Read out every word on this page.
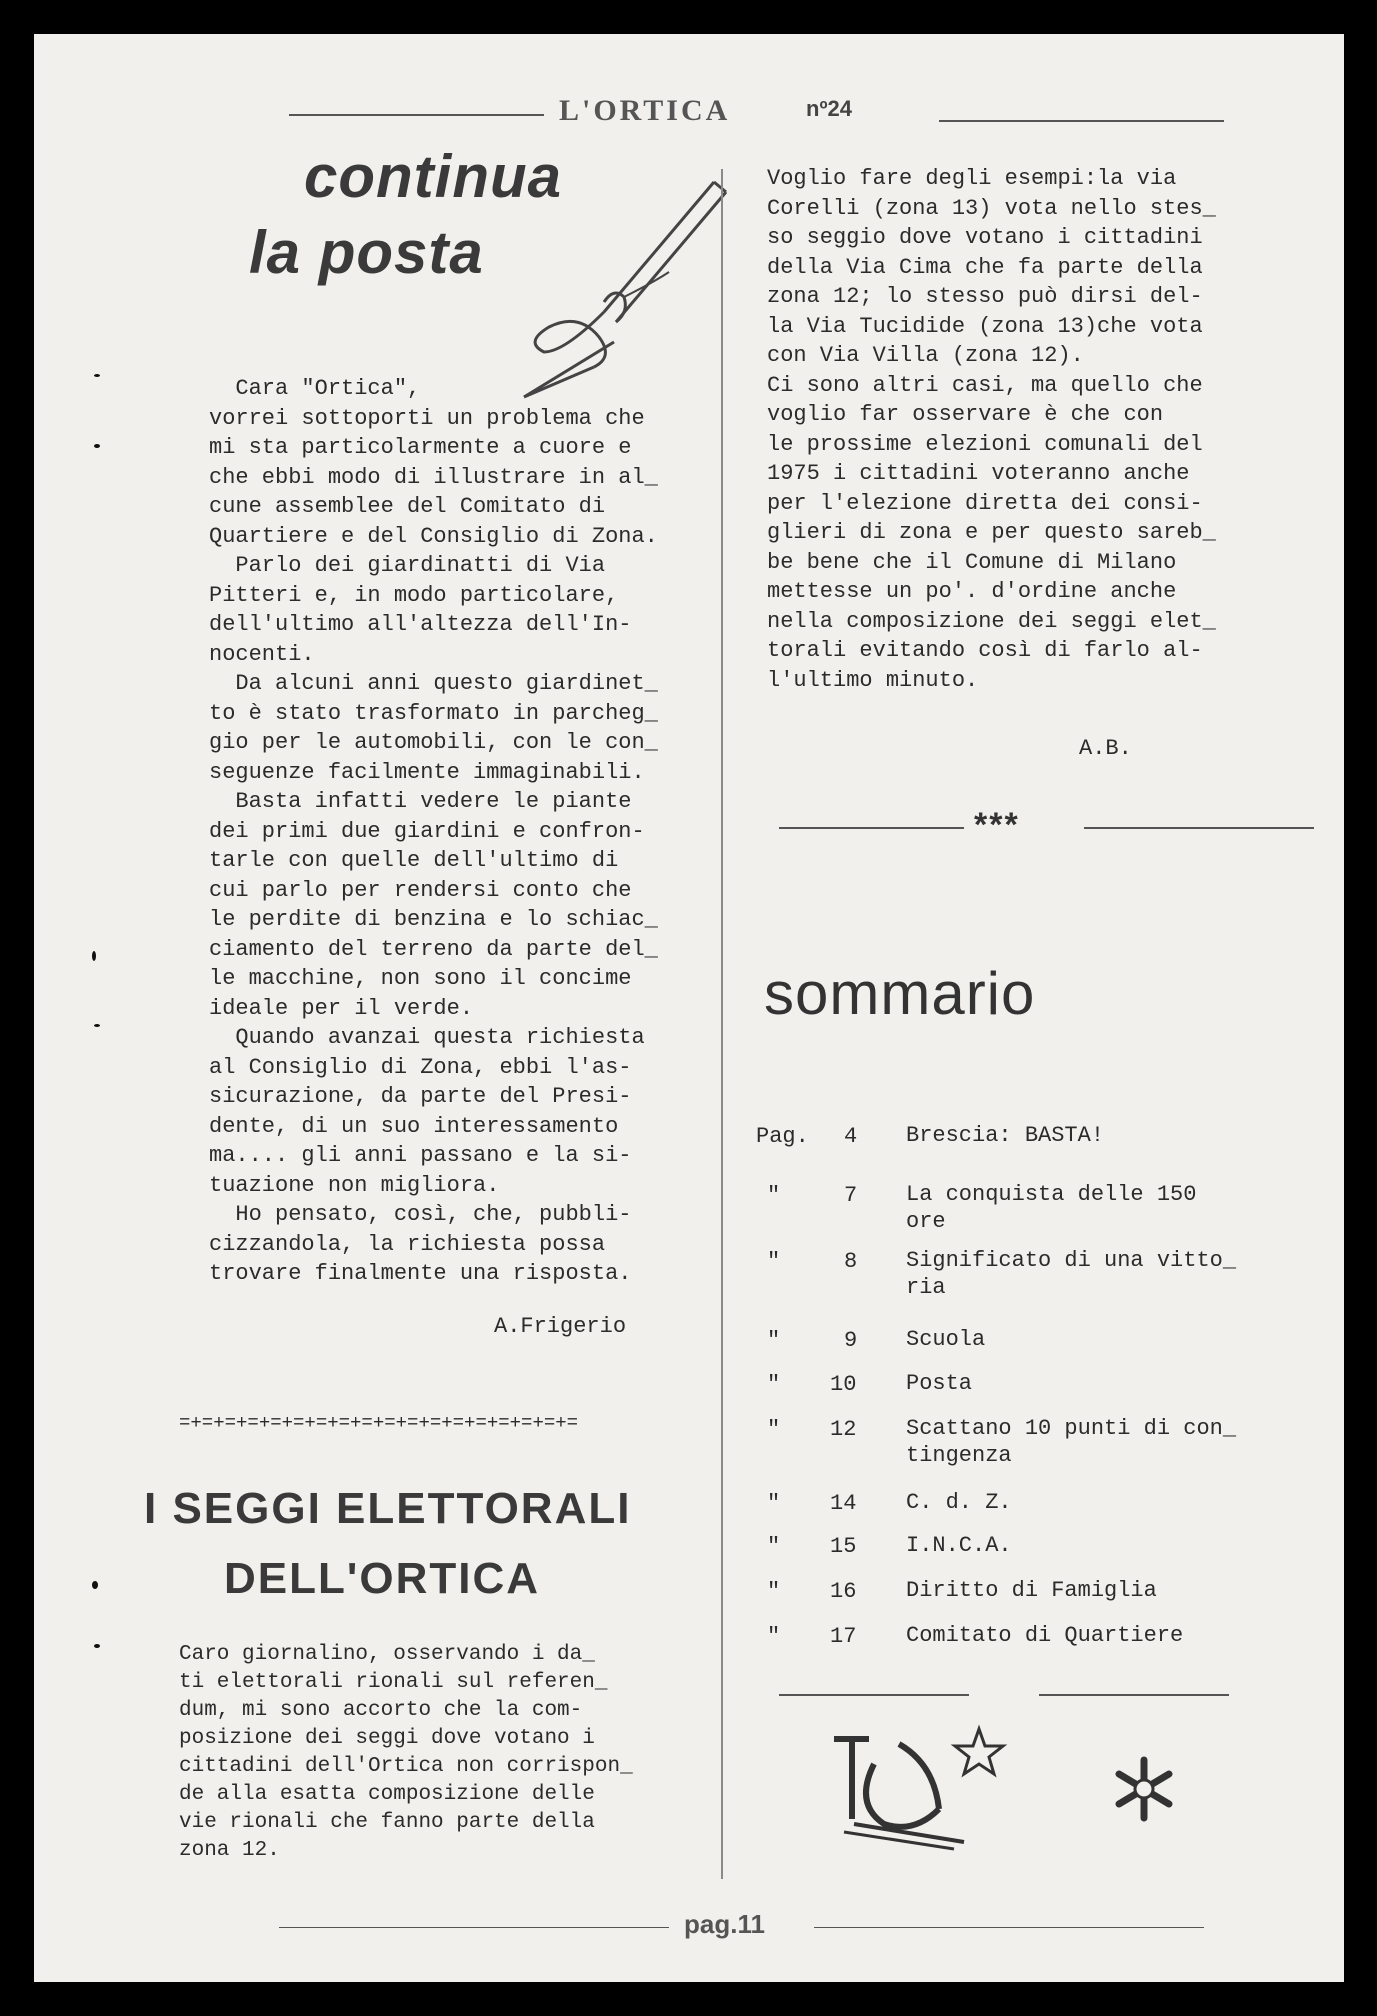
L'ORTICA	nº24
continua
la posta
Cara "Ortica",
vorrei sottoporti un problema che
mi sta particolarmente a cuore e
che ebbi modo di illustrare in al_
cune assemblee del Comitato di
Quartiere e del Consiglio di Zona.
Parlo dei giardinatti di Via
Pitteri e, in modo particolare,
dell'ultimo all'altezza dell'In-
nocenti.
Da alcuni anni questo giardinet_
to è stato trasformato in parcheg_
gio per le automobili, con le con_
seguenze facilmente immaginabili.
Basta infatti vedere le piante
dei primi due giardini e confron-
tarle con quelle dell'ultimo di
cui parlo per rendersi conto che
le perdite di benzina e lo schiac_
ciamento del terreno da parte del_
le macchine, non sono il concime
ideale per il verde.
Quando avanzai questa richiesta
al Consiglio di Zona, ebbi l'as-
sicurazione, da parte del Presi-
dente, di un suo interessamento
ma.... gli anni passano e la si-
tuazione non migliora.
Ho pensato, così, che, pubbli-
cizzandola, la richiesta possa
trovare finalmente una risposta.
A.Frigerio
=+=+=+=+=+=+=+=+=+=+=+=+=+=+=+=+=+=
I SEGGI ELETTORALI
DELL'ORTICA
Caro giornalino, osservando i da_
ti elettorali rionali sul referen_
dum, mi sono accorto che la com-
posizione dei seggi dove votano i
cittadini dell'Ortica non corrispon_
de alla esatta composizione delle
vie rionali che fanno parte della
zona 12.
Voglio fare degli esempi:la via
Corelli (zona 13) vota nello stes_
so seggio dove votano i cittadini
della Via Cima che fa parte della
zona 12; lo stesso può dirsi del-
la Via Tucidide (zona 13)che vota
con Via Villa (zona 12).
Ci sono altri casi, ma quello che
voglio far osservare è che con
le prossime elezioni comunali del
1975 i cittadini voteranno anche
per l'elezione diretta dei consi-
glieri di zona e per questo sareb_
be bene che il Comune di Milano
mettesse un po'. d'ordine anche
nella composizione dei seggi elet_
torali evitando così di farlo al-
l'ultimo minuto.
A.B.
***
sommario
Pag. 4 Brescia: BASTA!
"	7 La conquista delle 150
ore
"	8 Significato di una vitto_
ria
"	9 Scuola
" 10 Posta
" 12 Scattano 10 punti di con_
tingenza
" 14 C. d. Z.
" 15 I.N.C.A.
" 16 Diritto di Famiglia
" 17 Comitato di Quartiere
pag.11
